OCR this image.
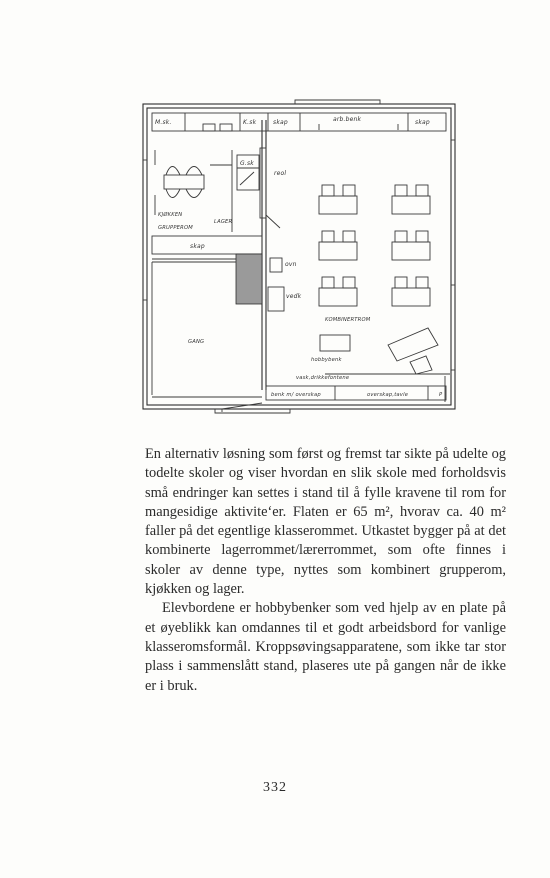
M.sk.	K.sk	skap	arb.benk	skap
G.sk
reol
KJØKKEN
GRUPPEROM
LAGER
skap
ovn
vedk
KOMBINERTROM
GANG
hobbybenk
vask,drikkefontene
benk m/ overskap	overskap,tavle	P

En alternativ løsning som først og fremst tar sikte på udelte og todelte skoler og viser hvordan en slik skole med forholdsvis små endringer kan settes i stand til å fylle kravene til rom for mangesidige aktivite‘er. Flaten er 65 m², hvorav ca. 40 m² faller på det egentlige klasserommet. Utkastet bygger på at det kombinerte lagerrommet/lærerrommet, som ofte finnes i skoler av denne type, nyttes som kombinert grupperom, kjøkken og lager.

Elevbordene er hobbybenker som ved hjelp av en plate på et øyeblikk kan omdannes til et godt arbeidsbord for vanlige klasseromsformål. Kroppsøvingsapparatene, som ikke tar stor plass i sammenslått stand, plaseres ute på gangen når de ikke er i bruk.

332
